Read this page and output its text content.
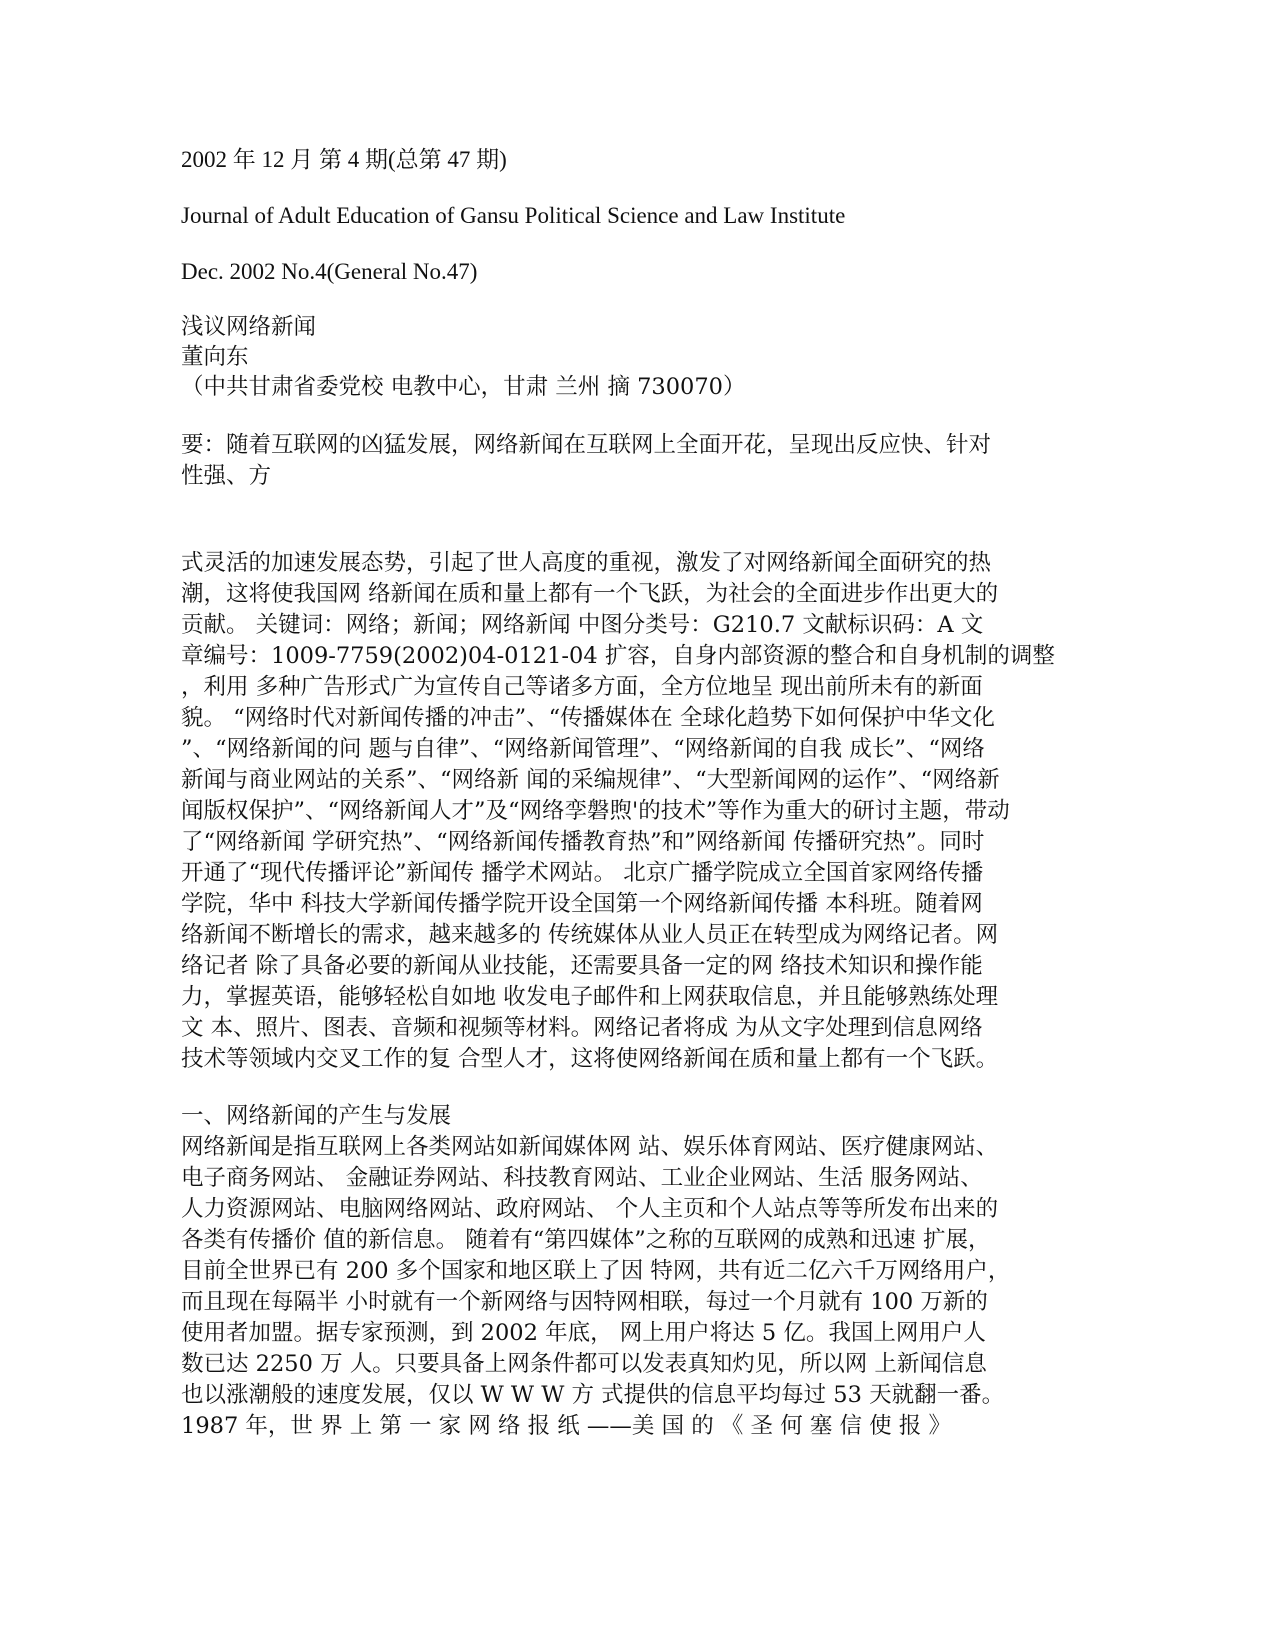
2002 年 12 月 第 4 期(总第 47 期)

Journal of Adult Education of Gansu Political Science and Law Institute

Dec. 2002 No.4(General No.47)

浅议网络新闻

董向东

（中共甘肃省委党校 电教中心，甘肃 兰州 摘 730070）

要：随着互联网的凶猛发展，网络新闻在互联网上全面开花，呈现出反应快、针对

性强、方

式灵活的加速发展态势，引起了世人高度的重视，激发了对网络新闻全面研究的热

潮，这将使我国网 络新闻在质和量上都有一个飞跃，为社会的全面进步作出更大的

贡献。 关键词：网络；新闻；网络新闻 中图分类号：G210.7 文献标识码：A 文

章编号：1009-7759(2002)04-0121-04 扩容，自身内部资源的整合和自身机制的调整

，利用 多种广告形式广为宣传自己等诸多方面，全方位地呈 现出前所未有的新面

貌。 “网络时代对新闻传播的冲击”、“传播媒体在 全球化趋势下如何保护中华文化

”、“网络新闻的问 题与自律”、“网络新闻管理”、“网络新闻的自我 成长”、“网络

新闻与商业网站的关系”、“网络新 闻的采编规律”、“大型新闻网的运作”、“网络新

闻版权保护”、“网络新闻人才”及“网络孪磐煦'的技术”等作为重大的研讨主题，带动

了“网络新闻 学研究热”、“网络新闻传播教育热”和”网络新闻 传播研究热”。同时

开通了“现代传播评论”新闻传 播学术网站。 北京广播学院成立全国首家网络传播

学院，华中 科技大学新闻传播学院开设全国第一个网络新闻传播 本科班。随着网

络新闻不断增长的需求，越来越多的 传统媒体从业人员正在转型成为网络记者。网

络记者 除了具备必要的新闻从业技能，还需要具备一定的网 络技术知识和操作能

力，掌握英语，能够轻松自如地 收发电子邮件和上网获取信息，并且能够熟练处理

文 本、照片、图表、音频和视频等材料。网络记者将成 为从文字处理到信息网络

技术等领域内交叉工作的复 合型人才，这将使网络新闻在质和量上都有一个飞跃。

一、网络新闻的产生与发展

网络新闻是指互联网上各类网站如新闻媒体网 站、娱乐体育网站、医疗健康网站、

电子商务网站、 金融证券网站、科技教育网站、工业企业网站、生活 服务网站、

人力资源网站、电脑网络网站、政府网站、 个人主页和个人站点等等所发布出来的

各类有传播价 值的新信息。 随着有“第四媒体”之称的互联网的成熟和迅速 扩展，

目前全世界已有 200 多个国家和地区联上了因 特网，共有近二亿六千万网络用户，

而且现在每隔半 小时就有一个新网络与因特网相联，每过一个月就有 100 万新的

使用者加盟。据专家预测，到 2002 年底， 网上用户将达 5 亿。我国上网用户人

数已达 2250 万 人。只要具备上网条件都可以发表真知灼见，所以网 上新闻信息

也以涨潮般的速度发展，仅以 W W W 方 式提供的信息平均每过 53 天就翻一番。

1987 年，世 界 上 第 一 家 网 络 报 纸 ——美 国 的 《 圣 何 塞 信 使 报 》
